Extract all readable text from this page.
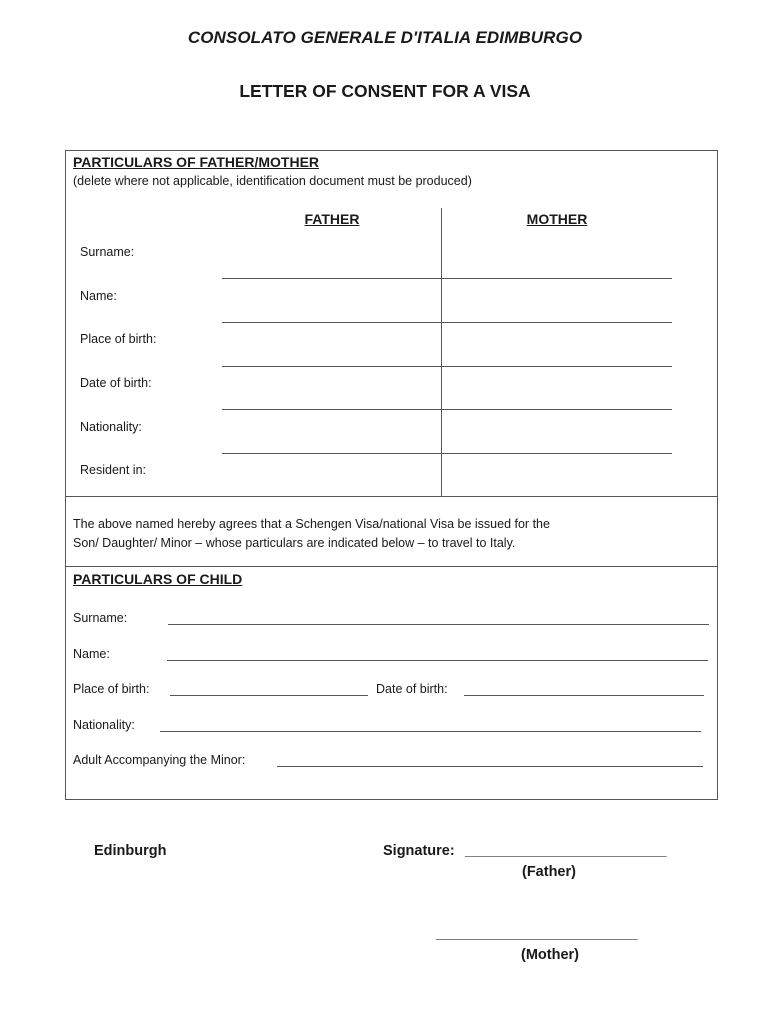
CONSOLATO GENERALE D'ITALIA EDIMBURGO
LETTER OF CONSENT FOR A VISA
PARTICULARS OF FATHER/MOTHER
(delete where not applicable, identification document must be produced)
FATHER	MOTHER
Surname:
Name:
Place of birth:
Date of birth:
Nationality:
Resident in:
The above named hereby agrees that a Schengen Visa/national Visa be issued for the
Son/ Daughter/ Minor – whose particulars are indicated below – to travel to Italy.
PARTICULARS OF CHILD
Surname:
Name:
Place of birth:	Date of birth:
Nationality:
Adult Accompanying the Minor:
Edinburgh	Signature: _________________________
(Father)
_________________________
(Mother)
